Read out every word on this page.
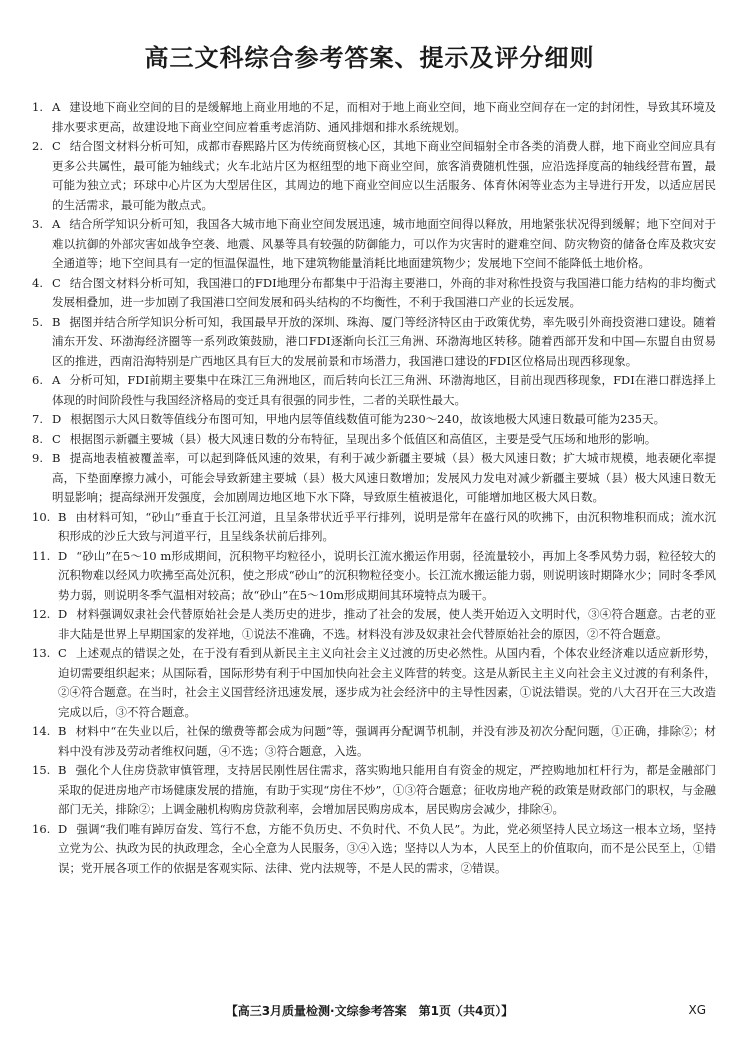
高三文科综合参考答案、提示及评分细则
1. A 建设地下商业空间的目的是缓解地上商业用地的不足，而相对于地上商业空间，地下商业空间存在一定的封闭性，导致其环境及排水要求更高，故建设地下商业空间应着重考虑消防、通风排烟和排水系统规划。
2. C 结合图文材料分析可知，成都市春熙路片区为传统商贸核心区，其地下商业空间辐射全市各类的消费人群，地下商业空间应具有更多公共属性，最可能为轴线式；火车北站片区为枢纽型的地下商业空间，旅客消费随机性强，应沿选择度高的轴线经营布置，最可能为独立式；环球中心片区为大型居住区，其周边的地下商业空间应以生活服务、体育休闲等业态为主导进行开发，以适应居民的生活需求，最可能为散点式。
3. A 结合所学知识分析可知，我国各大城市地下商业空间发展迅速，城市地面空间得以释放，用地紧张状况得到缓解；地下空间对于难以抗御的外部灾害如战争空袭、地震、风暴等具有较强的防御能力，可以作为灾害时的避难空间、防灾物资的储备仓库及救灾安全通道等；地下空间具有一定的恒温保温性，地下建筑物能量消耗比地面建筑物少；发展地下空间不能降低土地价格。
4. C 结合图文材料分析可知，我国港口的FDI地理分布都集中于沿海主要港口，外商的非对称性投资与我国港口能力结构的非均衡式发展相叠加，进一步加剧了我国港口空间发展和码头结构的不均衡性，不利于我国港口产业的长远发展。
5. B 据图并结合所学知识分析可知，我国最早开放的深圳、珠海、厦门等经济特区由于政策优势，率先吸引外商投资港口建设。随着浦东开发、环渤海经济圈等一系列政策鼓励，港口FDI逐渐向长江三角洲、环渤海地区转移。随着西部开发和中国—东盟自由贸易区的推进，西南沿海特别是广西地区具有巨大的发展前景和市场潜力，我国港口建设的FDI区位格局出现西移现象。
6. A 分析可知，FDI前期主要集中在珠江三角洲地区，而后转向长江三角洲、环渤海地区，目前出现西移现象，FDI在港口群选择上体现的时间阶段性与我国经济格局的变迁具有很强的同步性，二者的关联性最大。
7. D 根据图示大风日数等值线分布图可知，甲地内层等值线数值可能为230～240，故该地极大风速日数最可能为235天。
8. C 根据图示新疆主要城（县）极大风速日数的分布特征，呈现出多个低值区和高值区，主要是受气压场和地形的影响。
9. B 提高地表植被覆盖率，可以起到降低风速的效果，有利于减少新疆主要城（县）极大风速日数；扩大城市规模，地表硬化率提高，下垫面摩擦力减小，可能会导致新建主要城（县）极大风速日数增加；发展风力发电对减少新疆主要城（县）极大风速日数无明显影响；提高绿洲开发强度，会加剧周边地区地下水下降，导致原生植被退化，可能增加地区极大风日数。
10. B 由材料可知，“砂山”垂直于长江河道，且呈条带状近乎平行排列，说明是常年在盛行风的吹拂下，由沉积物堆积而成；流水沉积形成的沙丘大致与河道平行，且呈线条状前后排列。
11. D “砂山”在5～10 m形成期间，沉积物平均粒径小，说明长江流水搬运作用弱，径流量较小，再加上冬季风势力弱，粒径较大的沉积物难以经风力吹拂至高处沉积，使之形成“砂山”的沉积物粒径变小。长江流水搬运能力弱，则说明该时期降水少；同时冬季风势力弱，则说明冬季气温相对较高；故“砂山”在5～10m形成期间其环境特点为暖干。
12. D 材料强调奴隶社会代替原始社会是人类历史的进步，推动了社会的发展，使人类开始迈入文明时代，③④符合题意。古老的亚非大陆是世界上早期国家的发祥地，①说法不准确，不选。材料没有涉及奴隶社会代替原始社会的原因，②不符合题意。
13. C 上述观点的错误之处，在于没有看到从新民主主义向社会主义过渡的历史必然性。从国内看，个体农业经济难以适应新形势，迫切需要组织起来；从国际看，国际形势有利于中国加快向社会主义阵营的转变。这是从新民主主义向社会主义过渡的有利条件，②④符合题意。在当时，社会主义国营经济迅速发展，逐步成为社会经济中的主导性因素，①说法错误。党的八大召开在三大改造完成以后，③不符合题意。
14. B 材料中“在失业以后，社保的缴费等都会成为问题”等，强调再分配调节机制，并没有涉及初次分配问题，①正确，排除②；材料中没有涉及劳动者维权问题，④不选；③符合题意，入选。
15. B 强化个人住房贷款审慎管理，支持居民刚性居住需求，落实购地只能用自有资金的规定，严控购地加杠杆行为，都是金融部门采取的促进房地产市场健康发展的措施，有助于实现“房住不炒”，①③符合题意；征收房地产税的政策是财政部门的职权，与金融部门无关，排除②；上调金融机构购房贷款利率，会增加居民购房成本，居民购房会减少，排除④。
16. D 强调“我们唯有踔厉奋发、笃行不怠，方能不负历史、不负时代、不负人民”。为此，党必须坚持人民立场这一根本立场，坚持立党为公、执政为民的执政理念，全心全意为人民服务，③④入选；坚持以人为本，人民至上的价值取向，而不是公民至上，①错误；党开展各项工作的依据是客观实际、法律、党内法规等，不是人民的需求，②错误。
【高三3月质量检测·文综参考答案　第1页（共4页）】	XG
